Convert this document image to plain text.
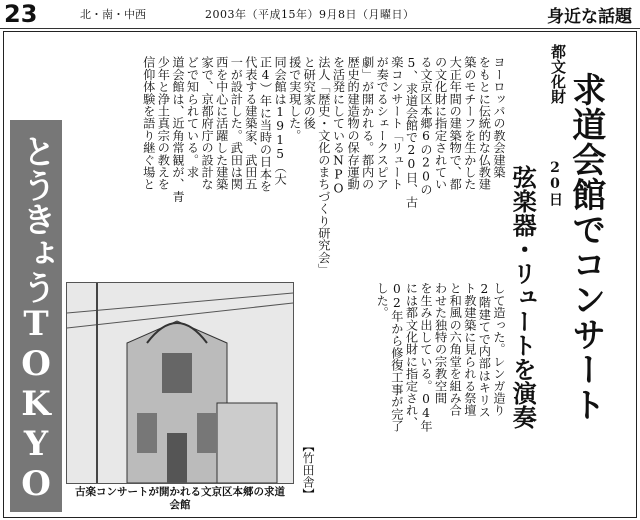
23	北・南・中西	2003年（平成15年）9月8日（月曜日）	身近な話題
都文化財
求道会館でコンサート
20日
弦楽器・リュートを演奏
とうきょうTOKYO

ヨーロッパの教会建築

をもとに伝統的な仏教建

築のモチーフを生かした

大正年間の建築物で、都

の文化財に指定されてい

る文京区本郷6の20の

5、求道会館で20日、古

楽コンサート「リュート

が奏でるシェークスピア

劇」が開かれる。都内の

歴史的建造物の保存運動

を活発にしているNPO

法人「歴史・文化のまちづくり研究会」

と研究家の後

援で実現した。

同会館は1915（大

正4）年に当時の日本を

代表する建築家、武田五

一が設計した。武田は関

西を中心に活躍した建築

家で、京都府庁の設計な

どで知られている。求

道会館は、近角常観が、青

少年と浄土真宗の教えを

信仰体験を語り継ぐ場と

して造った。レンガ造り

2階建てで内部はキリス

ト教建築に見られる祭壇

と和風の六角堂を組み合

わせた独特の宗教空間

を生み出している。04年

には都文化財に指定され、

02年から修復工事が完了

した。

【竹田舎】
古楽コンサートが開かれる文京区本郷の求道会館
